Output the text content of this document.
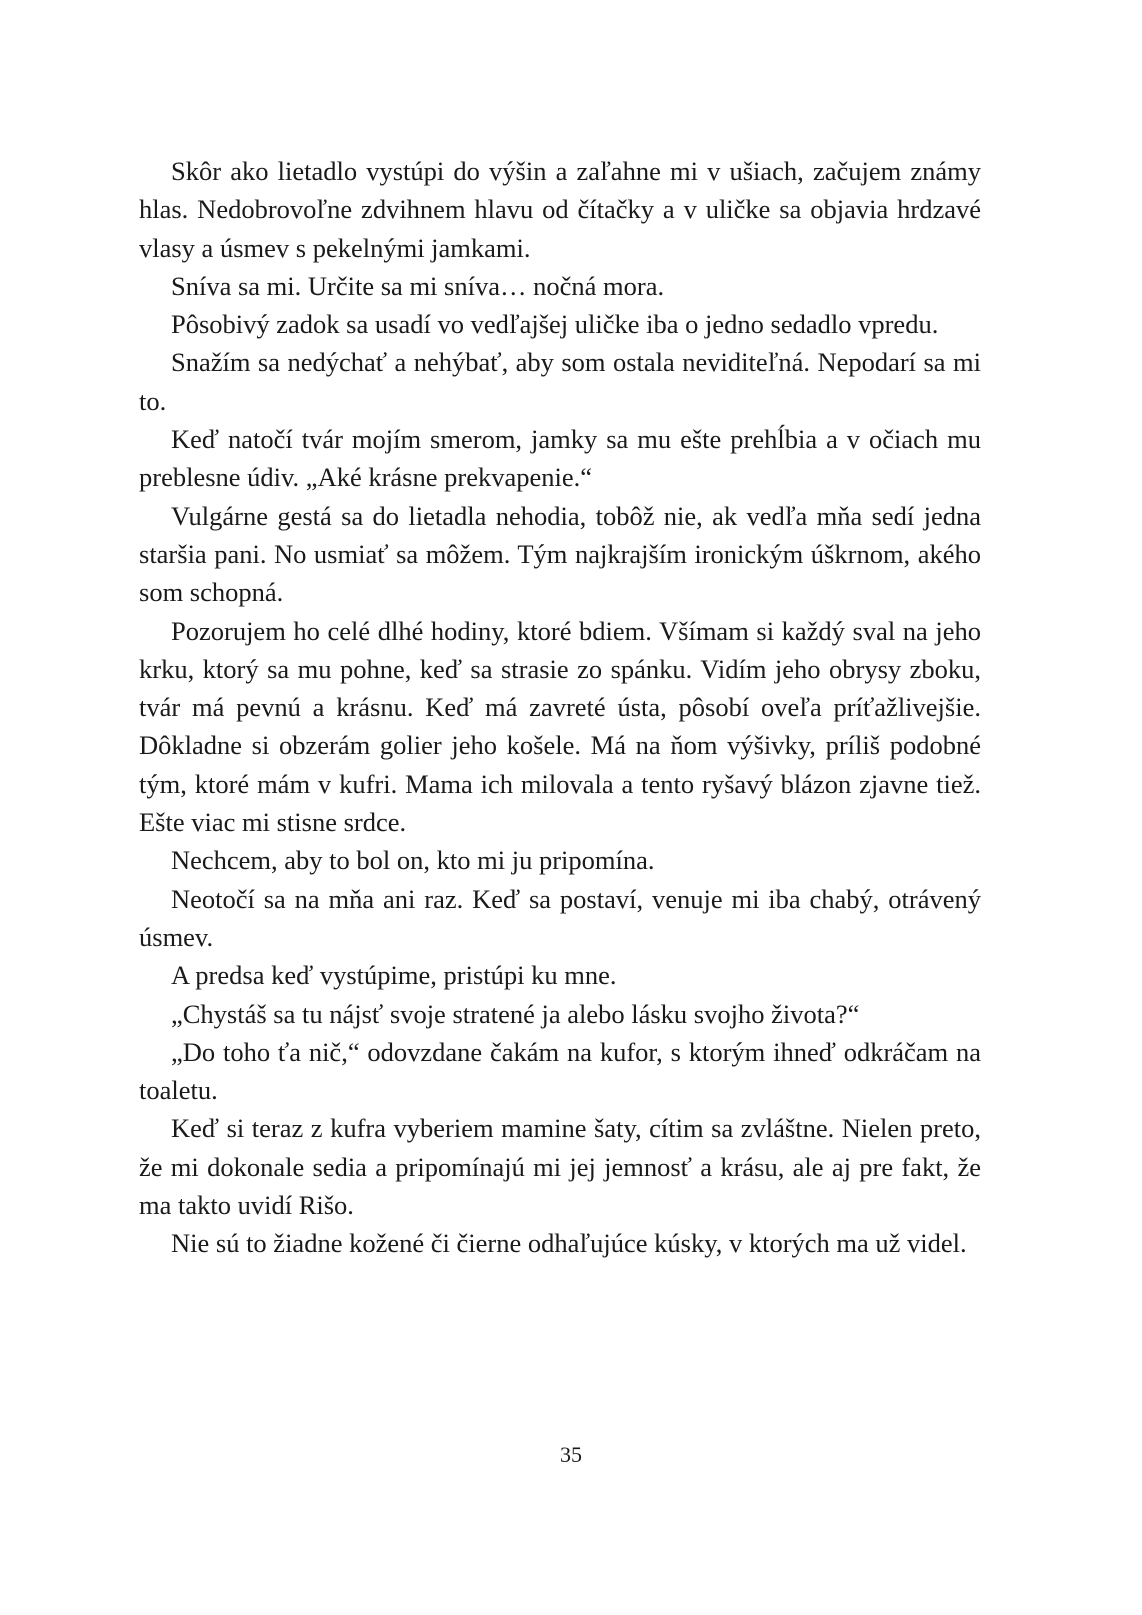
Skôr ako lietadlo vystúpi do výšin a zaľahne mi v ušiach, začujem známy hlas. Nedobrovoľne zdvihnem hlavu od čítačky a v uličke sa objavia hrdzavé vlasy a úsmev s pekelnými jamkami.

Sníva sa mi. Určite sa mi sníva… nočná mora.

Pôsobivý zadok sa usadí vo vedľajšej uličke iba o jedno sedadlo vpredu.

Snažím sa nedýchať a nehýbať, aby som ostala neviditeľná. Nepodarí sa mi to.

Keď natočí tvár mojím smerom, jamky sa mu ešte prehĺbia a v očiach mu preblesne údiv. „Aké krásne prekvapenie.“

Vulgárne gestá sa do lietadla nehodia, tobôž nie, ak vedľa mňa sedí jedna staršia pani. No usmiať sa môžem. Tým najkrajším ironickým úškrnom, akého som schopná.

Pozorujem ho celé dlhé hodiny, ktoré bdiem. Všímam si každý sval na jeho krku, ktorý sa mu pohne, keď sa strasie zo spánku. Vidím jeho obrysy zboku, tvár má pevnú a krásnu. Keď má zavreté ústa, pôsobí oveľa príťažlivejšie. Dôkladne si obzerám golier jeho košele. Má na ňom výšivky, príliš podobné tým, ktoré mám v kufri. Mama ich milovala a tento ryšavý blázon zjavne tiež. Ešte viac mi stisne srdce.

Nechcem, aby to bol on, kto mi ju pripomína.

Neotočí sa na mňa ani raz. Keď sa postaví, venuje mi iba chabý, otrávený úsmev.

A predsa keď vystúpime, pristúpi ku mne.

„Chystáš sa tu nájsť svoje stratené ja alebo lásku svojho života?“

„Do toho ťa nič,“ odovzdane čakám na kufor, s ktorým ihneď odkráčam na toaletu.

Keď si teraz z kufra vyberiem mamine šaty, cítim sa zvláštne. Nielen preto, že mi dokonale sedia a pripomínajú mi jej jemnosť a krásu, ale aj pre fakt, že ma takto uvidí Rišo.

Nie sú to žiadne kožené či čierne odhaľujúce kúsky, v ktorých ma už videl.

35
